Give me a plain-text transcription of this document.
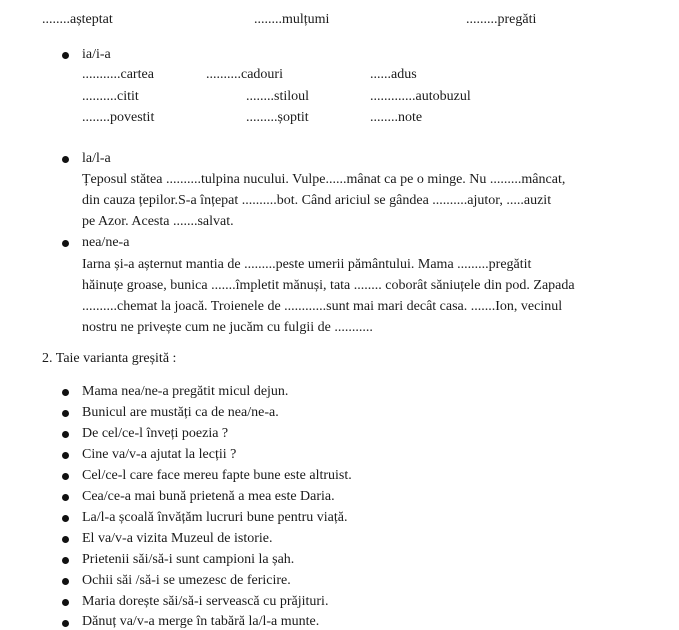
........așteptat	........mulțumi	.........pregăti
ia/i-a
...........cartea	..........cadouri	......adus
..........citit	........stiloul	.............autobuzul
........povestit	.........șoptit	........note
la/l-a
Țeposul stătea ..........tulpina nucului. Vulpe......mânat ca pe o minge. Nu .........mâncat,
din cauza țepilor.S-a înțepat ..........bot. Când ariciul se gândea ..........ajutor, .....auzit
pe Azor. Acesta .......salvat.
nea/ne-a
Iarna și-a așternut mantia de .........peste umerii pământului. Mama .........pregătit
hăinuțe groase, bunica .......împletit mănuși, tata ........ coborât săniuțele din pod. Zapada
..........chemat la joacă. Troienele de ............sunt mai mari decât casa. .......Ion, vecinul
nostru ne privește cum ne jucăm cu fulgii de ...........
2. Taie varianta greșită :
Mama nea/ne-a pregătit micul dejun.
Bunicul are mustăți ca de nea/ne-a.
De cel/ce-l înveți poezia ?
Cine va/v-a ajutat la lecții ?
Cel/ce-l care face mereu fapte bune este altruist.
Cea/ce-a mai bună prietenă a mea este Daria.
La/l-a școală învățăm lucruri bune pentru viață.
El va/v-a vizita Muzeul de istorie.
Prietenii săi/să-i sunt campioni la șah.
Ochii săi /să-i se umezesc de fericire.
Maria dorește săi/să-i servească cu prăjituri.
Dănuț va/v-a merge în tabără la/l-a munte.
